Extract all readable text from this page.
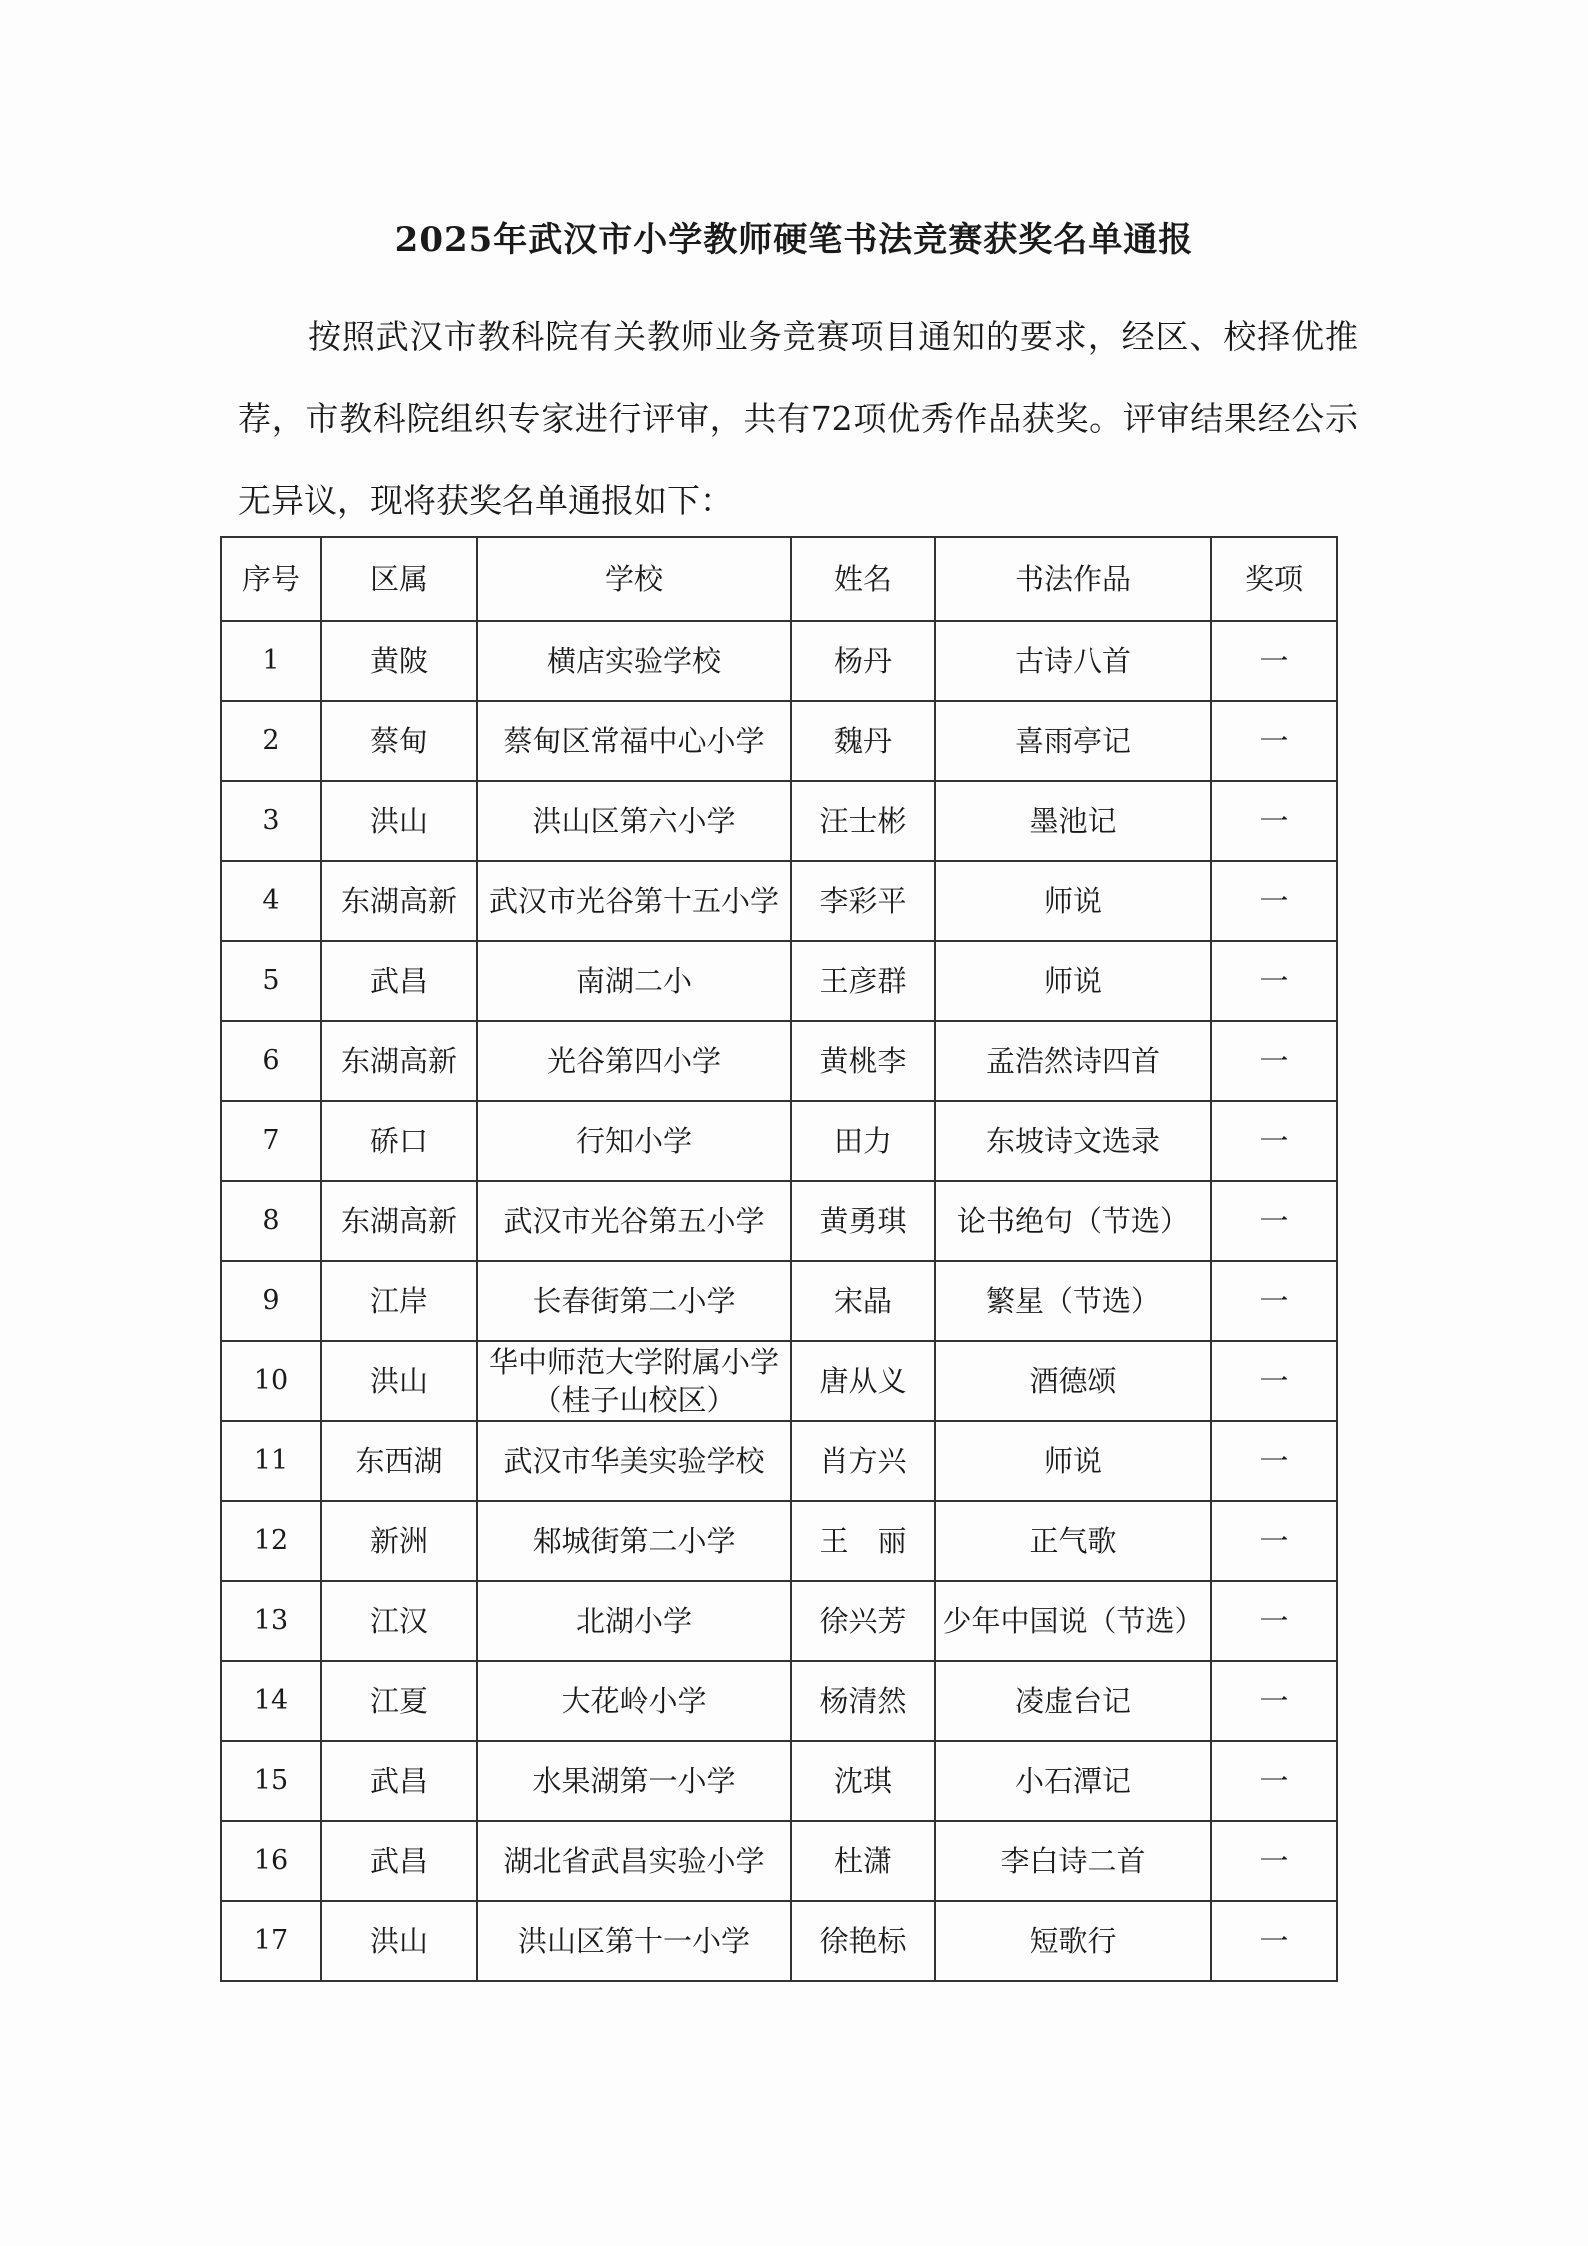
2025年武汉市小学教师硬笔书法竞赛获奖名单通报

按照武汉市教科院有关教师业务竞赛项目通知的要求，经区、校择优推荐，市教科院组织专家进行评审，共有72项优秀作品获奖。评审结果经公示无异议，现将获奖名单通报如下：

序号	区属	学校	姓名	书法作品	奖项
1	黄陂	横店实验学校	杨丹	古诗八首	一
2	蔡甸	蔡甸区常福中心小学	魏丹	喜雨亭记	一
3	洪山	洪山区第六小学	汪士彬	墨池记	一
4	东湖高新	武汉市光谷第十五小学	李彩平	师说	一
5	武昌	南湖二小	王彦群	师说	一
6	东湖高新	光谷第四小学	黄桃李	孟浩然诗四首	一
7	硚口	行知小学	田力	东坡诗文选录	一
8	东湖高新	武汉市光谷第五小学	黄勇琪	论书绝句（节选）	一
9	江岸	长春街第二小学	宋晶	繁星（节选）	一
10	洪山	华中师范大学附属小学（桂子山校区）	唐从义	酒德颂	一
11	东西湖	武汉市华美实验学校	肖方兴	师说	一
12	新洲	邾城街第二小学	王　丽	正气歌	一
13	江汉	北湖小学	徐兴芳	少年中国说（节选）	一
14	江夏	大花岭小学	杨清然	凌虚台记	一
15	武昌	水果湖第一小学	沈琪	小石潭记	一
16	武昌	湖北省武昌实验小学	杜潇	李白诗二首	一
17	洪山	洪山区第十一小学	徐艳标	短歌行	一
